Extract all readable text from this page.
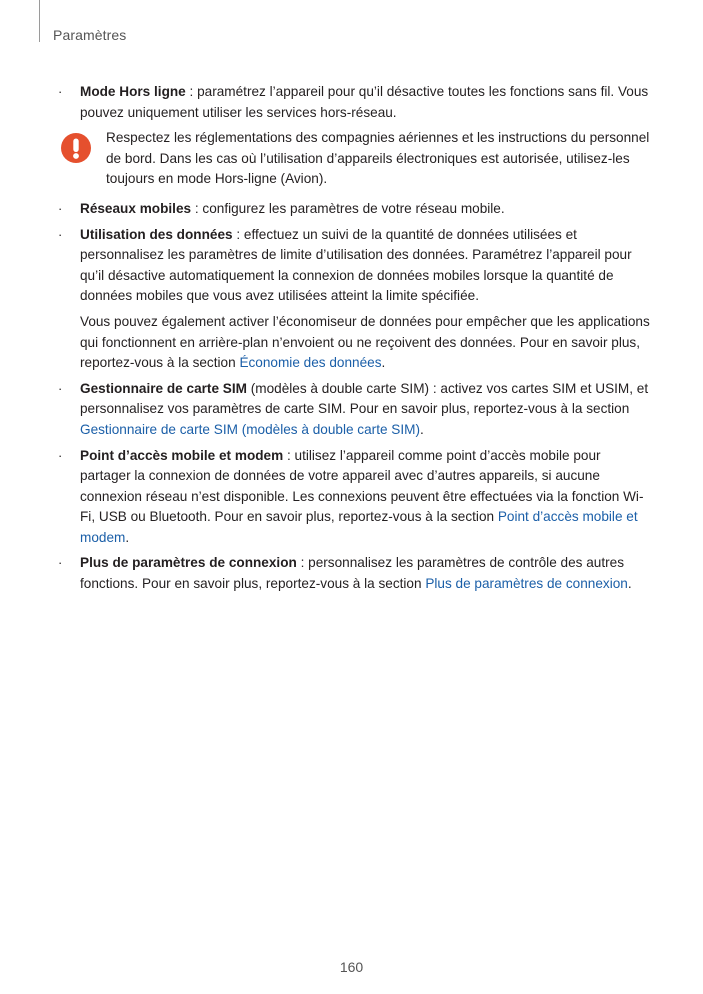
Paramètres
· Mode Hors ligne : paramétrez l’appareil pour qu’il désactive toutes les fonctions sans fil. Vous pouvez uniquement utiliser les services hors-réseau.
Respectez les réglementations des compagnies aériennes et les instructions du personnel de bord. Dans les cas où l’utilisation d’appareils électroniques est autorisée, utilisez-les toujours en mode Hors-ligne (Avion).
· Réseaux mobiles : configurez les paramètres de votre réseau mobile.
· Utilisation des données : effectuez un suivi de la quantité de données utilisées et personnalisez les paramètres de limite d’utilisation des données. Paramétrez l’appareil pour qu’il désactive automatiquement la connexion de données mobiles lorsque la quantité de données mobiles que vous avez utilisées atteint la limite spécifiée.
Vous pouvez également activer l’économiseur de données pour empêcher que les applications qui fonctionnent en arrière-plan n’envoient ou ne reçoivent des données. Pour en savoir plus, reportez-vous à la section Économie des données.
· Gestionnaire de carte SIM (modèles à double carte SIM) : activez vos cartes SIM et USIM, et personnalisez vos paramètres de carte SIM. Pour en savoir plus, reportez-vous à la section Gestionnaire de carte SIM (modèles à double carte SIM).
· Point d’accès mobile et modem : utilisez l’appareil comme point d’accès mobile pour partager la connexion de données de votre appareil avec d’autres appareils, si aucune connexion réseau n’est disponible. Les connexions peuvent être effectuées via la fonction Wi-Fi, USB ou Bluetooth. Pour en savoir plus, reportez-vous à la section Point d’accès mobile et modem.
· Plus de paramètres de connexion : personnalisez les paramètres de contrôle des autres fonctions. Pour en savoir plus, reportez-vous à la section Plus de paramètres de connexion.
160
